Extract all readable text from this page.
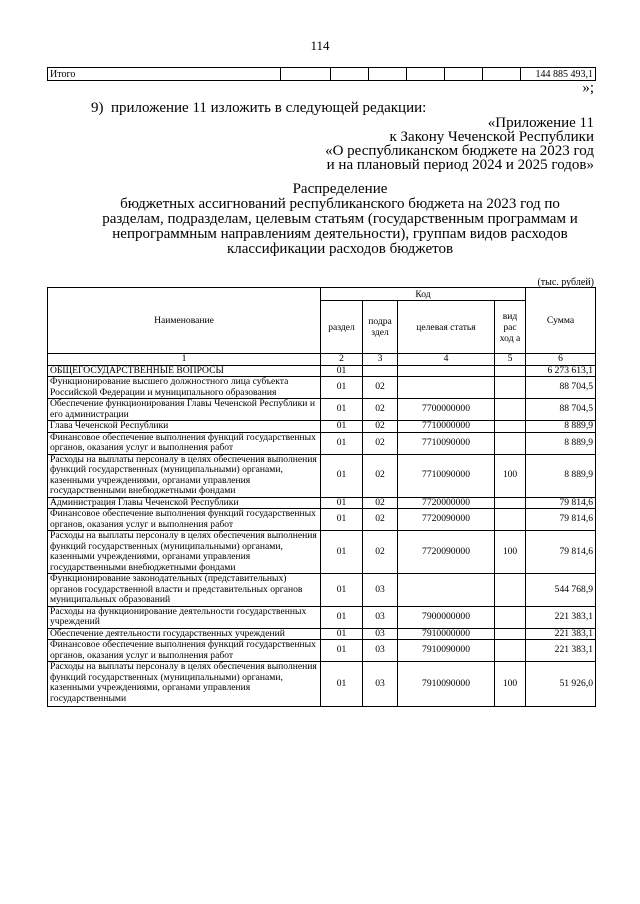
114
Итого							144 885 493,1
»;
9) приложение 11 изложить в следующей редакции:
«Приложение 11
к Закону Чеченской Республики
«О республиканском бюджете на 2023 год
и на плановый период 2024 и 2025 годов»
Распределение
бюджетных ассигнований республиканского бюджета на 2023 год по
разделам, подразделам, целевым статьям (государственным программам и
непрограммным направлениям деятельности), группам видов расходов
классификации расходов бюджетов
(тыс. рублей)
Наименование	Код				Сумма
	раздел	подра здел	целевая статья	вид рас ход а	
1	2	3	4	5	6
ОБЩЕГОСУДАРСТВЕННЫЕ ВОПРОСЫ	01				6 273 613,1
Функционирование высшего должностного лица субъекта Российской Федерации и муниципального образования	01	02			88 704,5
Обеспечение функционирования Главы Чеченской Республики и его администрации	01	02	7700000000		88 704,5
Глава Чеченской Республики	01	02	7710000000		8 889,9
Финансовое обеспечение выполнения функций государственных органов, оказания услуг и выполнения работ	01	02	7710090000		8 889,9
Расходы на выплаты персоналу в целях обеспечения выполнения функций государственных (муниципальными) органами, казенными учреждениями, органами управления государственными внебюджетными фондами	01	02	7710090000	100	8 889,9
Администрация Главы Чеченской Республики	01	02	7720000000		79 814,6
Финансовое обеспечение выполнения функций государственных органов, оказания услуг и выполнения работ	01	02	7720090000		79 814,6
Расходы на выплаты персоналу в целях обеспечения выполнения функций государственных (муниципальными) органами, казенными учреждениями, органами управления государственными внебюджетными фондами	01	02	7720090000	100	79 814,6
Функционирование законодательных (представительных) органов государственной власти и представительных органов муниципальных образований	01	03			544 768,9
Расходы на функционирование деятельности государственных учреждений	01	03	7900000000		221 383,1
Обеспечение деятельности государственных учреждений	01	03	7910000000		221 383,1
Финансовое обеспечение выполнения функций государственных органов, оказания услуг и выполнения работ	01	03	7910090000		221 383,1

Расходы на выплаты персоналу в целях обеспечения выполнения функций государственных (муниципальными) органами, казенными учреждениями, органами управления государственными	01	03	7910090000	100	51 926,0
